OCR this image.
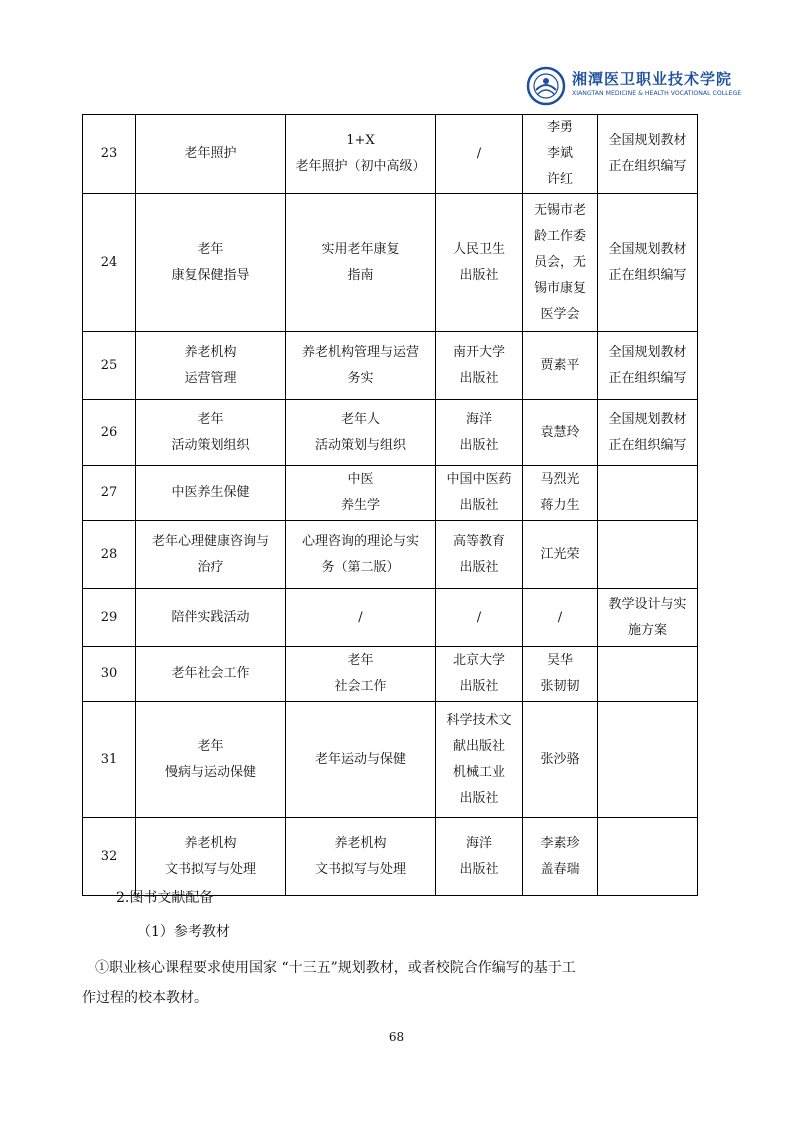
湘潭医卫职业技术学院
XIANGTAN MEDICINE & HEALTH VOCATIONAL COLLEGE
23	老年照护	1+X
老年照护（初中高级）	/	李勇
李斌
许红	全国规划教材
正在组织编写

24	老年
康复保健指导	实用老年康复
指南	人民卫生
出版社	无锡市老
龄工作委
员会，无
锡市康复
医学会	全国规划教材
正在组织编写

25	养老机构
运营管理	养老机构管理与运营
务实	南开大学
出版社	贾素平	全国规划教材
正在组织编写

26	老年
活动策划组织	老年人
活动策划与组织	海洋
出版社	袁慧玲	全国规划教材
正在组织编写

27	中医养生保健	中医
养生学	中国中医药
出版社	马烈光
蒋力生	

28	老年心理健康咨询与
治疗	心理咨询的理论与实
务（第二版）	高等教育
出版社	江光荣	

29	陪伴实践活动	/	/	/	教学设计与实
施方案

30	老年社会工作	老年
社会工作	北京大学
出版社	吴华
张韧韧	

31	老年
慢病与运动保健	老年运动与保健	科学技术文
献出版社
机械工业
出版社	张沙骆	

32	养老机构
文书拟写与处理	养老机构
文书拟写与处理	海洋
出版社	李素珍
盖春瑞	

2.图书文献配备
（1）参考教材
①职业核心课程要求使用国家 “十三五”规划教材，或者校院合作编写的基于工
作过程的校本教材。
68
